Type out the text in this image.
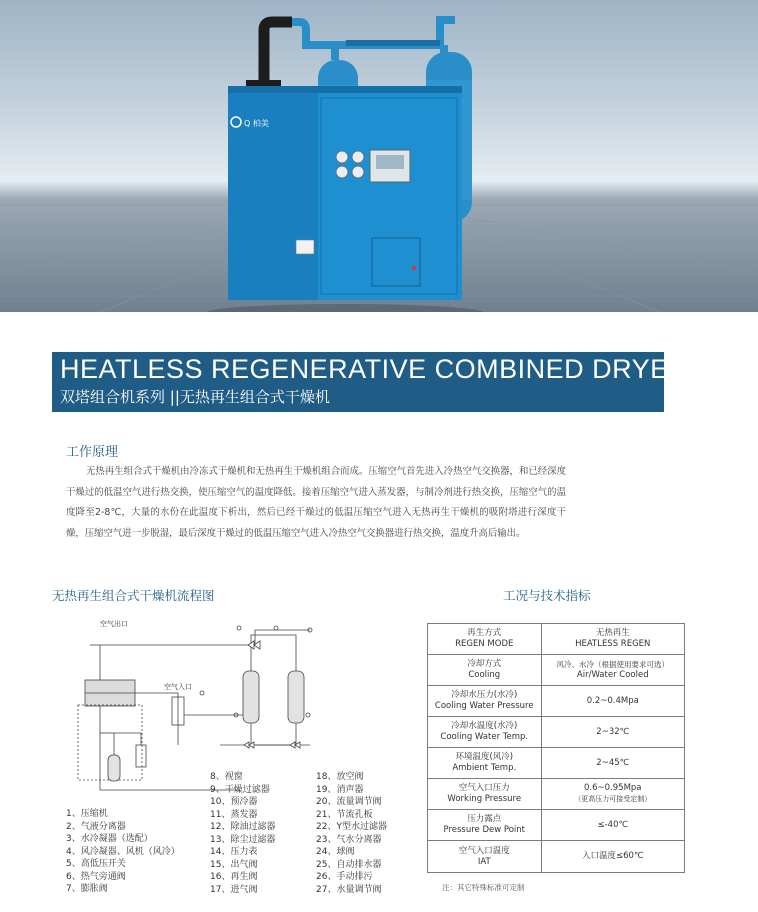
Q 柏美
HEATLESS REGENERATIVE COMBINED DRYER
双塔组合机系列 ||无热再生组合式干燥机
工作原理
无热再生组合式干燥机由冷冻式干燥机和无热再生干燥机组合而成。压缩空气首先进入冷热空气交换器，和已经深度干燥过的低温空气进行热交换，使压缩空气的温度降低。接着压缩空气进入蒸发器，与制冷剂进行热交换，压缩空气的温度降至2-8℃，大量的水份在此温度下析出，然后已经干燥过的低温压缩空气进入无热再生干燥机的吸附塔进行深度干燥，压缩空气进一步脱湿，最后深度干燥过的低温压缩空气进入冷热空气交换器进行热交换，温度升高后输出。
无热再生组合式干燥机流程图
空气出口
空气入口
1、压缩机
2、气液分离器
3、水冷凝器（选配）
4、风冷凝器、风机（风冷）
5、高低压开关
6、热气旁通阀
7、膨胀阀
8、视窗
9、干燥过滤器
10、预冷器
11、蒸发器
12、除油过滤器
13、除尘过滤器
14、压力表
15、出气阀
16、再生阀
17、进气阀
18、放空阀
19、消声器
20、流量调节阀
21、节流孔板
22、Y型水过滤器
23、气水分离器
24、球阀
25、自动排水器
26、手动排污
27、水量调节阀
工况与技术指标
再生方式
REGEN MODE	无热再生
HEATLESS REGEN

冷却方式
Cooling	风冷、水冷（根据使用要求可选）
Air/Water Cooled

冷却水压力(水冷)
Cooling Water Pressure	0.2~0.4Mpa

冷却水温度(水冷)
Cooling Water Temp.	2~32℃

环境温度(风冷)
Ambient Temp.	2~45℃

空气入口压力
Working Pressure	0.6~0.95Mpa
（更高压力可接受定制）

压力露点
Pressure Dew Point	≤-40℃

空气入口温度
IAT	入口温度≤60℃
注：其它特殊标准可定制
